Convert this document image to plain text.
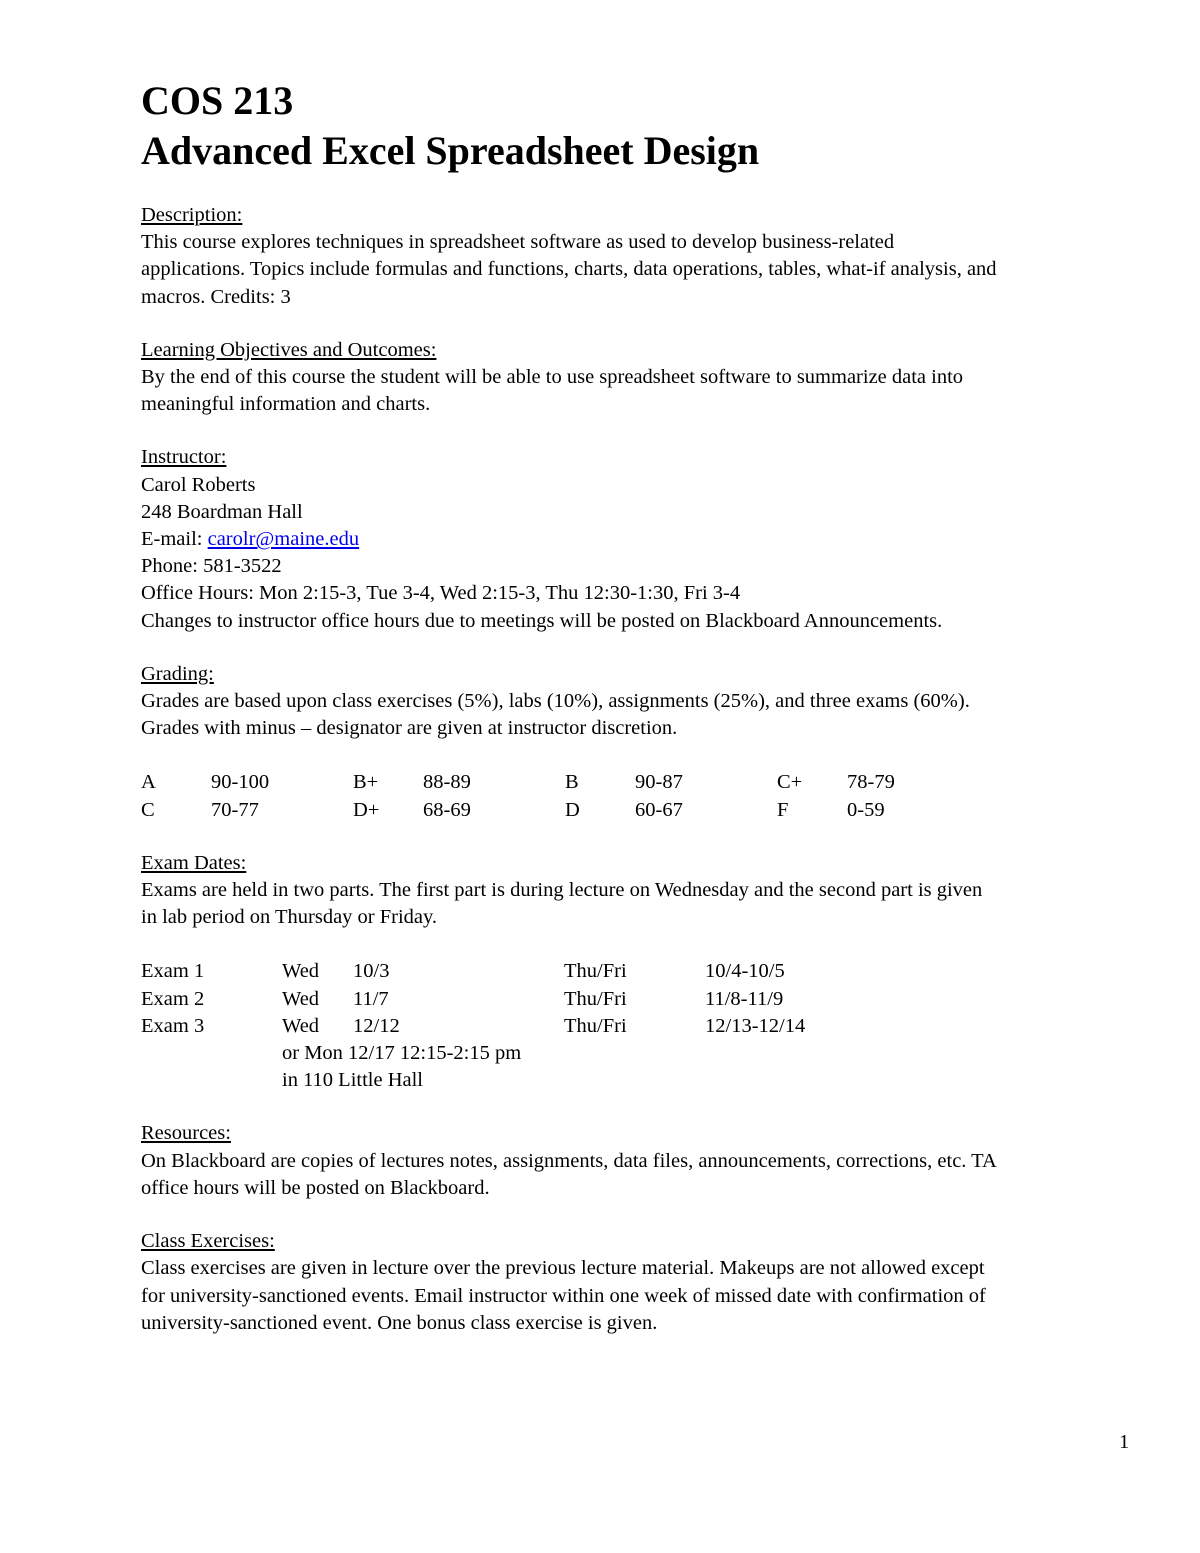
COS 213
Advanced Excel Spreadsheet Design
Description:
This course explores techniques in spreadsheet software as used to develop business-related
applications. Topics include formulas and functions, charts, data operations, tables, what-if analysis, and
macros. Credits: 3
Learning Objectives and Outcomes:
By the end of this course the student will be able to use spreadsheet software to summarize data into
meaningful information and charts.
Instructor:
Carol Roberts
248 Boardman Hall
E-mail: carolr@maine.edu
Phone: 581-3522
Office Hours: Mon 2:15-3, Tue 3-4, Wed 2:15-3, Thu 12:30-1:30, Fri 3-4
Changes to instructor office hours due to meetings will be posted on Blackboard Announcements.
Grading:
Grades are based upon class exercises (5%), labs (10%), assignments (25%), and three exams (60%).
Grades with minus – designator are given at instructor discretion.
A	90-100	B+	88-89	B	90-87	C+	78-79
C	70-77	D+	68-69	D	60-67	F	0-59
Exam Dates:
Exams are held in two parts. The first part is during lecture on Wednesday and the second part is given
in lab period on Thursday or Friday.
Exam 1	Wed	10/3	Thu/Fri	10/4-10/5
Exam 2	Wed	11/7	Thu/Fri	11/8-11/9
Exam 3	Wed	12/12	Thu/Fri	12/13-12/14
	or Mon 12/17 12:15-2:15 pm			
	in 110 Little Hall			
Resources:
On Blackboard are copies of lectures notes, assignments, data files, announcements, corrections, etc. TA
office hours will be posted on Blackboard.
Class Exercises:
Class exercises are given in lecture over the previous lecture material. Makeups are not allowed except
for university-sanctioned events. Email instructor within one week of missed date with confirmation of
university-sanctioned event. One bonus class exercise is given.
1
